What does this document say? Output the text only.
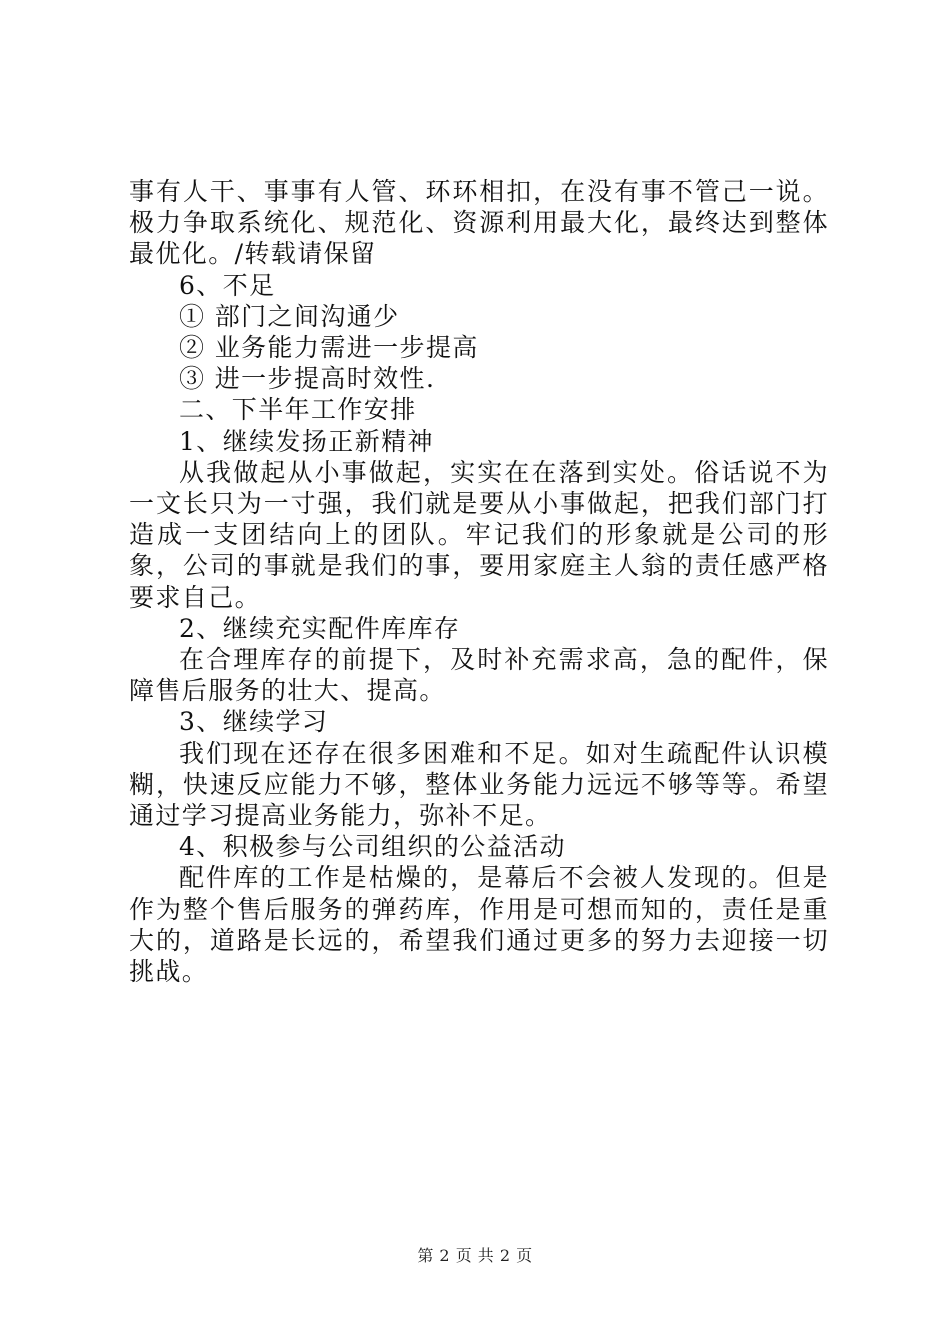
事有人干、事事有人管、环环相扣，在没有事不管己一说。极力争取系统化、规范化、资源利用最大化，最终达到整体最优化。/转载请保留

6、不足

① 部门之间沟通少

② 业务能力需进一步提高

③ 进一步提高时效性.

二、下半年工作安排

1、继续发扬正新精神

从我做起从小事做起，实实在在落到实处。俗话说不为一文长只为一寸强，我们就是要从小事做起，把我们部门打造成一支团结向上的团队。牢记我们的形象就是公司的形象，公司的事就是我们的事，要用家庭主人翁的责任感严格要求自己。

2、继续充实配件库库存

在合理库存的前提下，及时补充需求高，急的配件，保障售后服务的壮大、提高。

3、继续学习

我们现在还存在很多困难和不足。如对生疏配件认识模糊，快速反应能力不够，整体业务能力远远不够等等。希望通过学习提高业务能力，弥补不足。

4、积极参与公司组织的公益活动

配件库的工作是枯燥的，是幕后不会被人发现的。但是作为整个售后服务的弹药库，作用是可想而知的，责任是重大的，道路是长远的，希望我们通过更多的努力去迎接一切挑战。

第 2 页 共 2 页
